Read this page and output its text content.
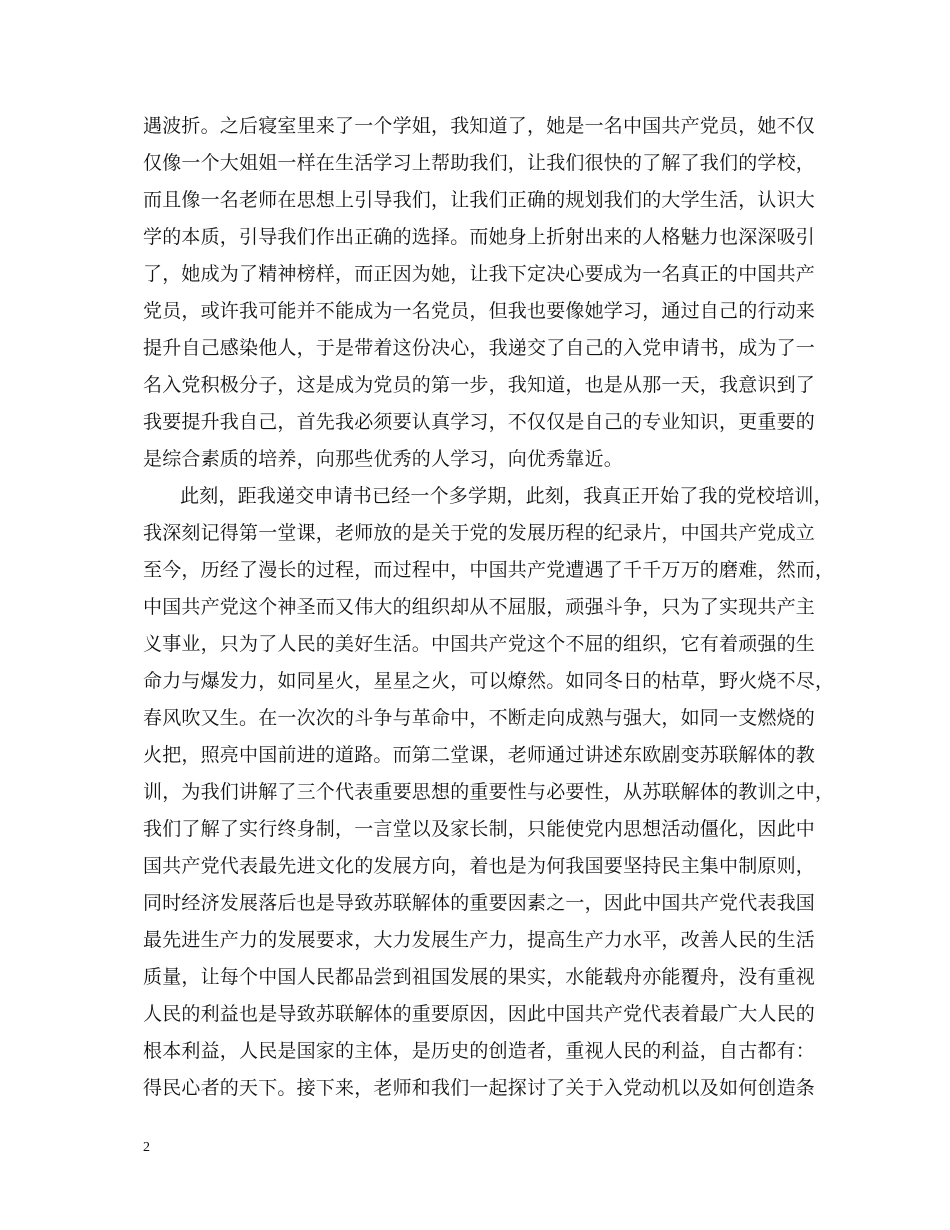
遇波折。之后寝室里来了一个学姐，我知道了，她是一名中国共产党员，她不仅
仅像一个大姐姐一样在生活学习上帮助我们，让我们很快的了解了我们的学校，
而且像一名老师在思想上引导我们，让我们正确的规划我们的大学生活，认识大
学的本质，引导我们作出正确的选择。而她身上折射出来的人格魅力也深深吸引
了，她成为了精神榜样，而正因为她，让我下定决心要成为一名真正的中国共产
党员，或许我可能并不能成为一名党员，但我也要像她学习，通过自己的行动来
提升自己感染他人，于是带着这份决心，我递交了自己的入党申请书，成为了一
名入党积极分子，这是成为党员的第一步，我知道，也是从那一天，我意识到了
我要提升我自己，首先我必须要认真学习，不仅仅是自己的专业知识，更重要的
是综合素质的培养，向那些优秀的人学习，向优秀靠近。
此刻，距我递交申请书已经一个多学期，此刻，我真正开始了我的党校培训，
我深刻记得第一堂课，老师放的是关于党的发展历程的纪录片，中国共产党成立
至今，历经了漫长的过程，而过程中，中国共产党遭遇了千千万万的磨难，然而，
中国共产党这个神圣而又伟大的组织却从不屈服，顽强斗争，只为了实现共产主
义事业，只为了人民的美好生活。中国共产党这个不屈的组织，它有着顽强的生
命力与爆发力，如同星火，星星之火，可以燎然。如同冬日的枯草，野火烧不尽，
春风吹又生。在一次次的斗争与革命中，不断走向成熟与强大，如同一支燃烧的
火把，照亮中国前进的道路。而第二堂课，老师通过讲述东欧剧变苏联解体的教
训，为我们讲解了三个代表重要思想的重要性与必要性，从苏联解体的教训之中，
我们了解了实行终身制，一言堂以及家长制，只能使党内思想活动僵化，因此中
国共产党代表最先进文化的发展方向，着也是为何我国要坚持民主集中制原则，
同时经济发展落后也是导致苏联解体的重要因素之一，因此中国共产党代表我国
最先进生产力的发展要求，大力发展生产力，提高生产力水平，改善人民的生活
质量，让每个中国人民都品尝到祖国发展的果实，水能载舟亦能覆舟，没有重视
人民的利益也是导致苏联解体的重要原因，因此中国共产党代表着最广大人民的
根本利益，人民是国家的主体，是历史的创造者，重视人民的利益，自古都有：
得民心者的天下。接下来，老师和我们一起探讨了关于入党动机以及如何创造条
2
